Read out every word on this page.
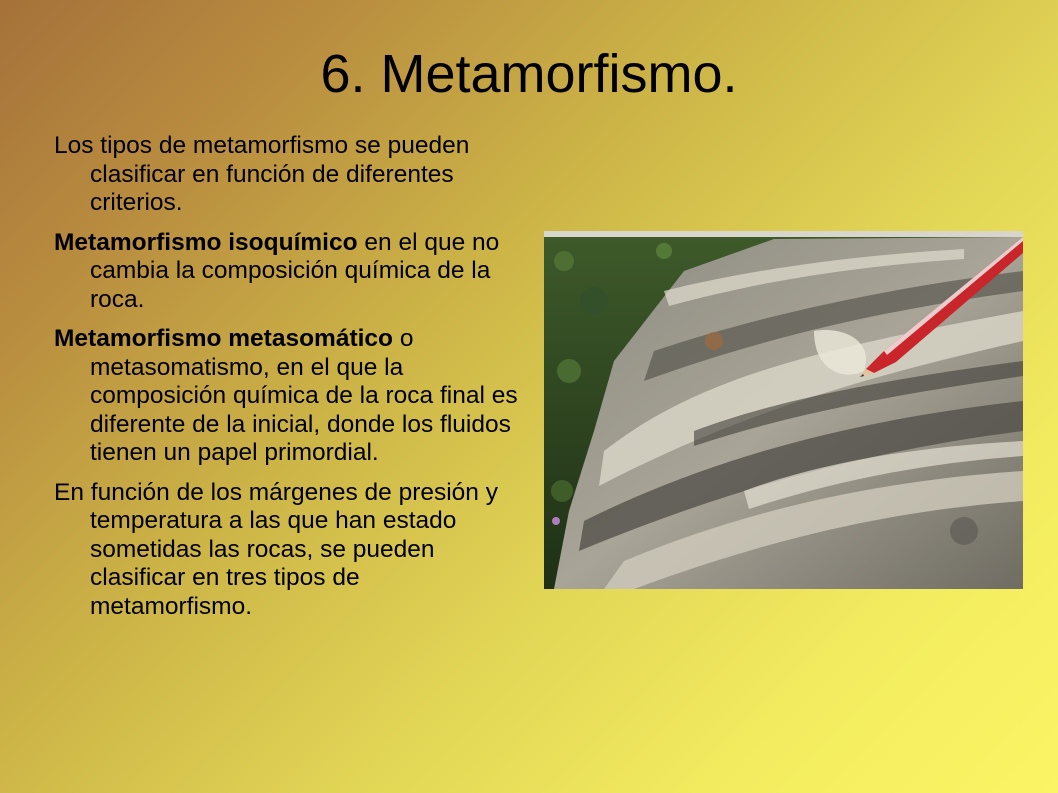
6. Metamorfismo.

Los tipos de metamorfismo se pueden clasificar en función de diferentes criterios.

Metamorfismo isoquímico en el que no cambia la composición química de la roca.

Metamorfismo metasomático o metasomatismo, en el que la composición química de la roca final es diferente de la inicial, donde los fluidos tienen un papel primordial.

En función de los márgenes de presión y temperatura a las que han estado sometidas las rocas, se pueden clasificar en tres tipos de metamorfismo.
